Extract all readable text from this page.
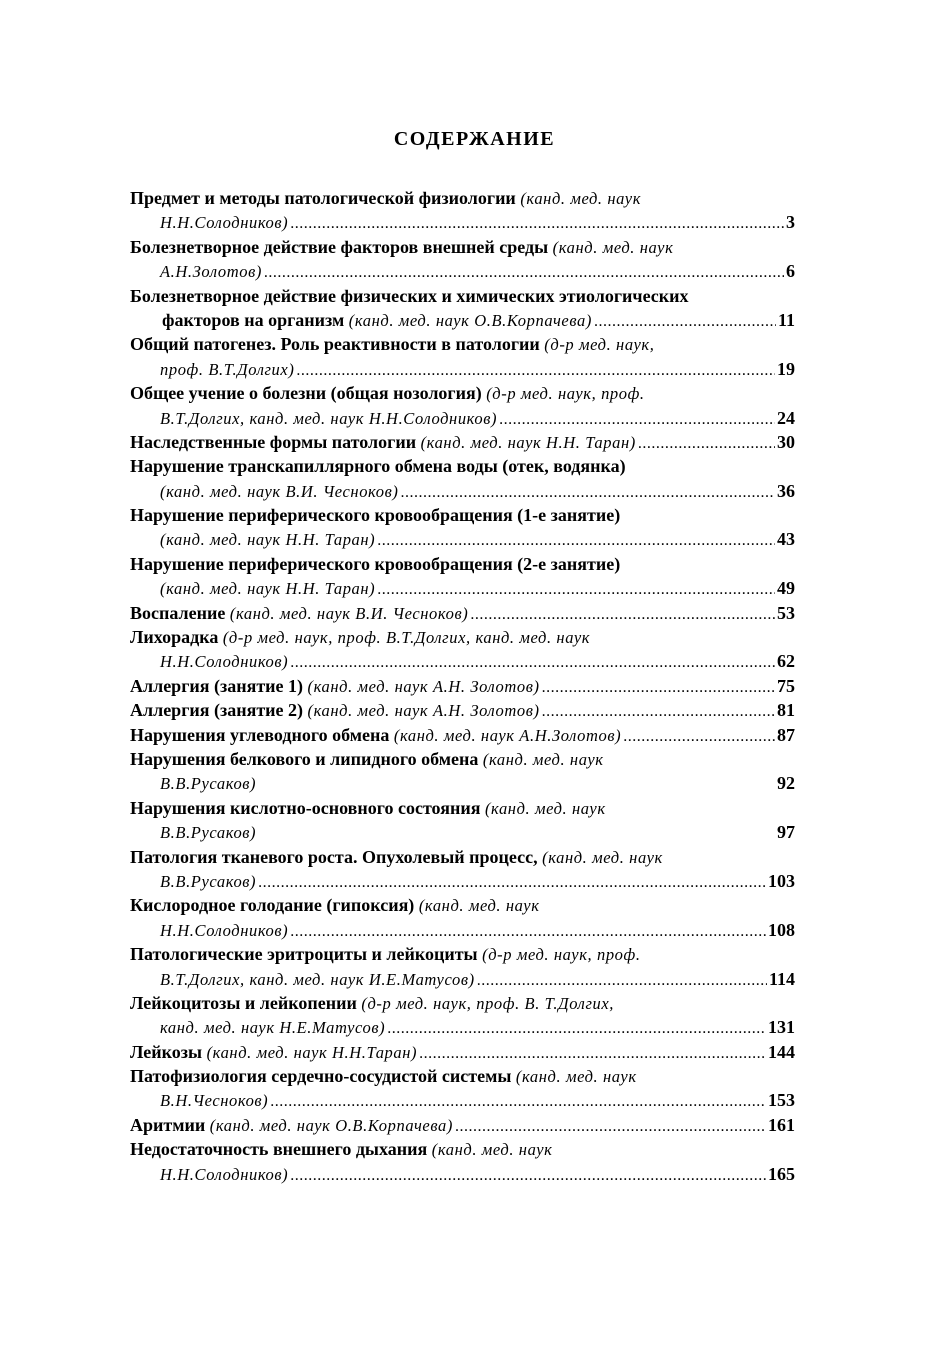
СОДЕРЖАНИЕ
Предмет и методы патологической физиологии
(канд. мед. наук
Н.Н.Солодников) .....	3
Болезнетворное действие факторов внешней среды
(канд. мед. наук
А.Н.Золотов) .....	6
Болезнетворное действие физических и химических этиологических
факторов на организм
(канд. мед. наук О.В.Корпачева) .....	11
Общий патогенез. Роль реактивности в патологии
(д-р мед. наук,
проф. В.Т.Долгих) .....	19
Общее учение о болезни (общая нозология)
(д-р мед. наук, проф.
В.Т.Долгих, канд. мед. наук Н.Н.Солодников) .....	24
Наследственные формы патологии
(канд. мед. наук Н.Н. Таран) .....	30
Нарушение транскапиллярного обмена воды (отек, водянка)
(канд. мед. наук В.И. Чесноков) .....	36
Нарушение периферического кровообращения (1-е занятие)
(канд. мед. наук Н.Н. Таран) .....	43
Нарушение периферического кровообращения (2-е занятие)
(канд. мед. наук Н.Н. Таран) .....	49
Воспаление
(канд. мед. наук В.И. Чесноков) .....	53
Лихорадка
(д-р мед. наук, проф. В.Т.Долгих, канд. мед. наук
Н.Н.Солодников) .....	62
Аллергия (занятие 1)
(канд. мед. наук А.Н. Золотов) .....	75
Аллергия (занятие 2)
(канд. мед. наук А.Н. Золотов) .....	81
Нарушения углеводного обмена
(канд. мед. наук А.Н.Золотов) .....	87
Нарушения белкового и липидного обмена
(канд. мед. наук
В.В.Русаков)	92
Нарушения кислотно-основного состояния
(канд. мед. наук
В.В.Русаков)	97
Патология тканевого роста. Опухолевый процесс,
(канд. мед. наук
В.В.Русаков) .....	103
Кислородное голодание (гипоксия)
(канд. мед. наук
Н.Н.Солодников) .....	108
Патологические эритроциты и лейкоциты
(д-р мед. наук, проф.
В.Т.Долгих, канд. мед. наук И.Е.Матусов) .....	114
Лейкоцитозы и лейкопении
(д-р мед. наук, проф. В. Т.Долгих,
канд. мед. наук Н.Е.Матусов) .....	131
Лейкозы
(канд. мед. наук Н.Н.Таран) .....	144
Патофизиология сердечно-сосудистой системы
(канд. мед. наук
В.Н.Чесноков) .....	153
Аритмии
(канд. мед. наук О.В.Корпачева) .....	161
Недостаточность внешнего дыхания
(канд. мед. наук
Н.Н.Солодников) .....	165
